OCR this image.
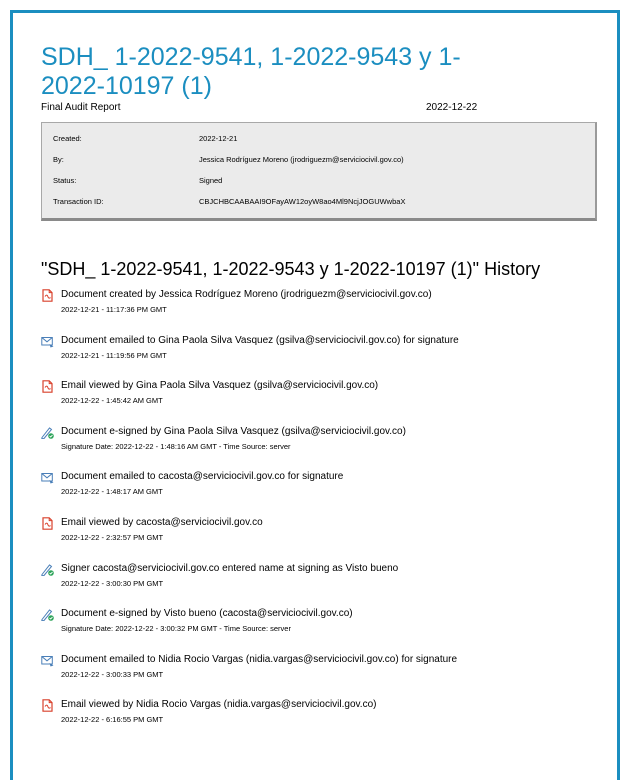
SDH_ 1-2022-9541, 1-2022-9543 y 1-2022-10197 (1)
Final Audit Report	2022-12-22
Created:	2022-12-21
By:	Jessica Rodríguez Moreno (jrodriguezm@serviciocivil.gov.co)
Status:	Signed
Transaction ID:	CBJCHBCAABAAI9OFayAW12oyW8ao4Ml9NcjJOGUWwbaX
"SDH_ 1-2022-9541, 1-2022-9543 y 1-2022-10197 (1)" History
Document created by Jessica Rodríguez Moreno (jrodriguezm@serviciocivil.gov.co)
2022-12-21 - 11:17:36 PM GMT
Document emailed to Gina Paola Silva Vasquez (gsilva@serviciocivil.gov.co) for signature
2022-12-21 - 11:19:56 PM GMT
Email viewed by Gina Paola Silva Vasquez (gsilva@serviciocivil.gov.co)
2022-12-22 - 1:45:42 AM GMT
Document e-signed by Gina Paola Silva Vasquez (gsilva@serviciocivil.gov.co)
Signature Date: 2022-12-22 - 1:48:16 AM GMT - Time Source: server
Document emailed to cacosta@serviciocivil.gov.co for signature
2022-12-22 - 1:48:17 AM GMT
Email viewed by cacosta@serviciocivil.gov.co
2022-12-22 - 2:32:57 PM GMT
Signer cacosta@serviciocivil.gov.co entered name at signing as Visto bueno
2022-12-22 - 3:00:30 PM GMT
Document e-signed by Visto bueno (cacosta@serviciocivil.gov.co)
Signature Date: 2022-12-22 - 3:00:32 PM GMT - Time Source: server
Document emailed to Nidia Rocio Vargas (nidia.vargas@serviciocivil.gov.co) for signature
2022-12-22 - 3:00:33 PM GMT
Email viewed by Nidia Rocio Vargas (nidia.vargas@serviciocivil.gov.co)
2022-12-22 - 6:16:55 PM GMT
